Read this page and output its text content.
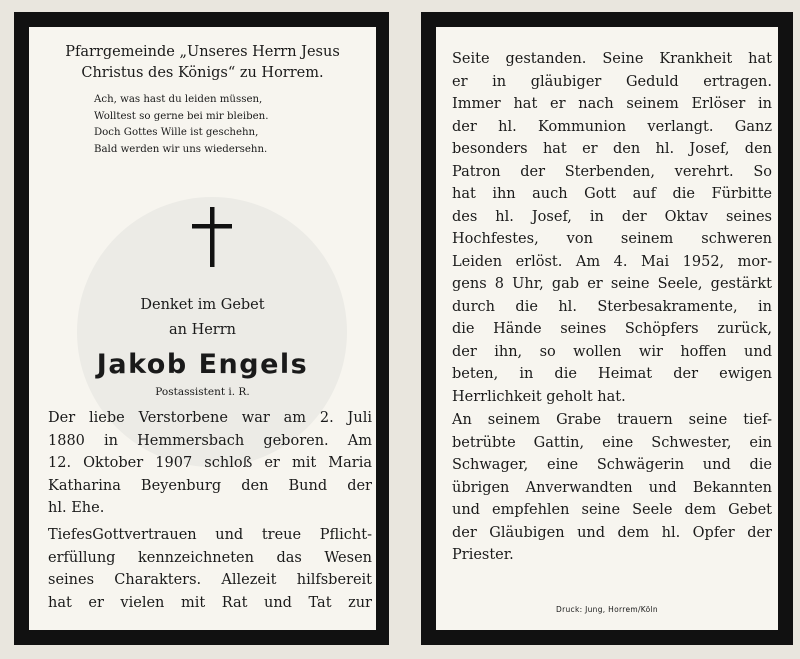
Pfarrgemeinde „Unseres Herrn Jesus
Christus des Königs“ zu Horrem.
Ach, was hast du leiden müssen,
Wolltest so gerne bei mir bleiben.
Doch Gottes Wille ist geschehn,
Bald werden wir uns wiedersehn.
Denket im Gebet
an Herrn
Jakob Engels
Postassistent i. R.
Der liebe Verstorbene war am 2. Juli
1880 in Hemmersbach geboren. Am
12. Oktober 1907 schloß er mit Maria
Katharina Beyenburg den Bund der
hl. Ehe.
TiefesGottvertrauen und treue Pflicht-
erfüllung kennzeichneten das Wesen
seines Charakters. Allezeit hilfsbereit
hat er vielen mit Rat und Tat zur
Seite gestanden. Seine Krankheit hat
er in gläubiger Geduld ertragen.
Immer hat er nach seinem Erlöser in
der hl. Kommunion verlangt. Ganz
besonders hat er den hl. Josef, den
Patron der Sterbenden, verehrt. So
hat ihn auch Gott auf die Fürbitte
des hl. Josef, in der Oktav seines
Hochfestes, von seinem schweren
Leiden erlöst. Am 4. Mai 1952, mor-
gens 8 Uhr, gab er seine Seele, gestärkt
durch die hl. Sterbesakramente, in
die Hände seines Schöpfers zurück,
der ihn, so wollen wir hoffen und
beten, in die Heimat der ewigen
Herrlichkeit geholt hat.
An seinem Grabe trauern seine tief-
betrübte Gattin, eine Schwester, ein
Schwager, eine Schwägerin und die
übrigen Anverwandten und Bekannten
und empfehlen seine Seele dem Gebet
der Gläubigen und dem hl. Opfer der
Priester.
Druck: Jung, Horrem/Köln
